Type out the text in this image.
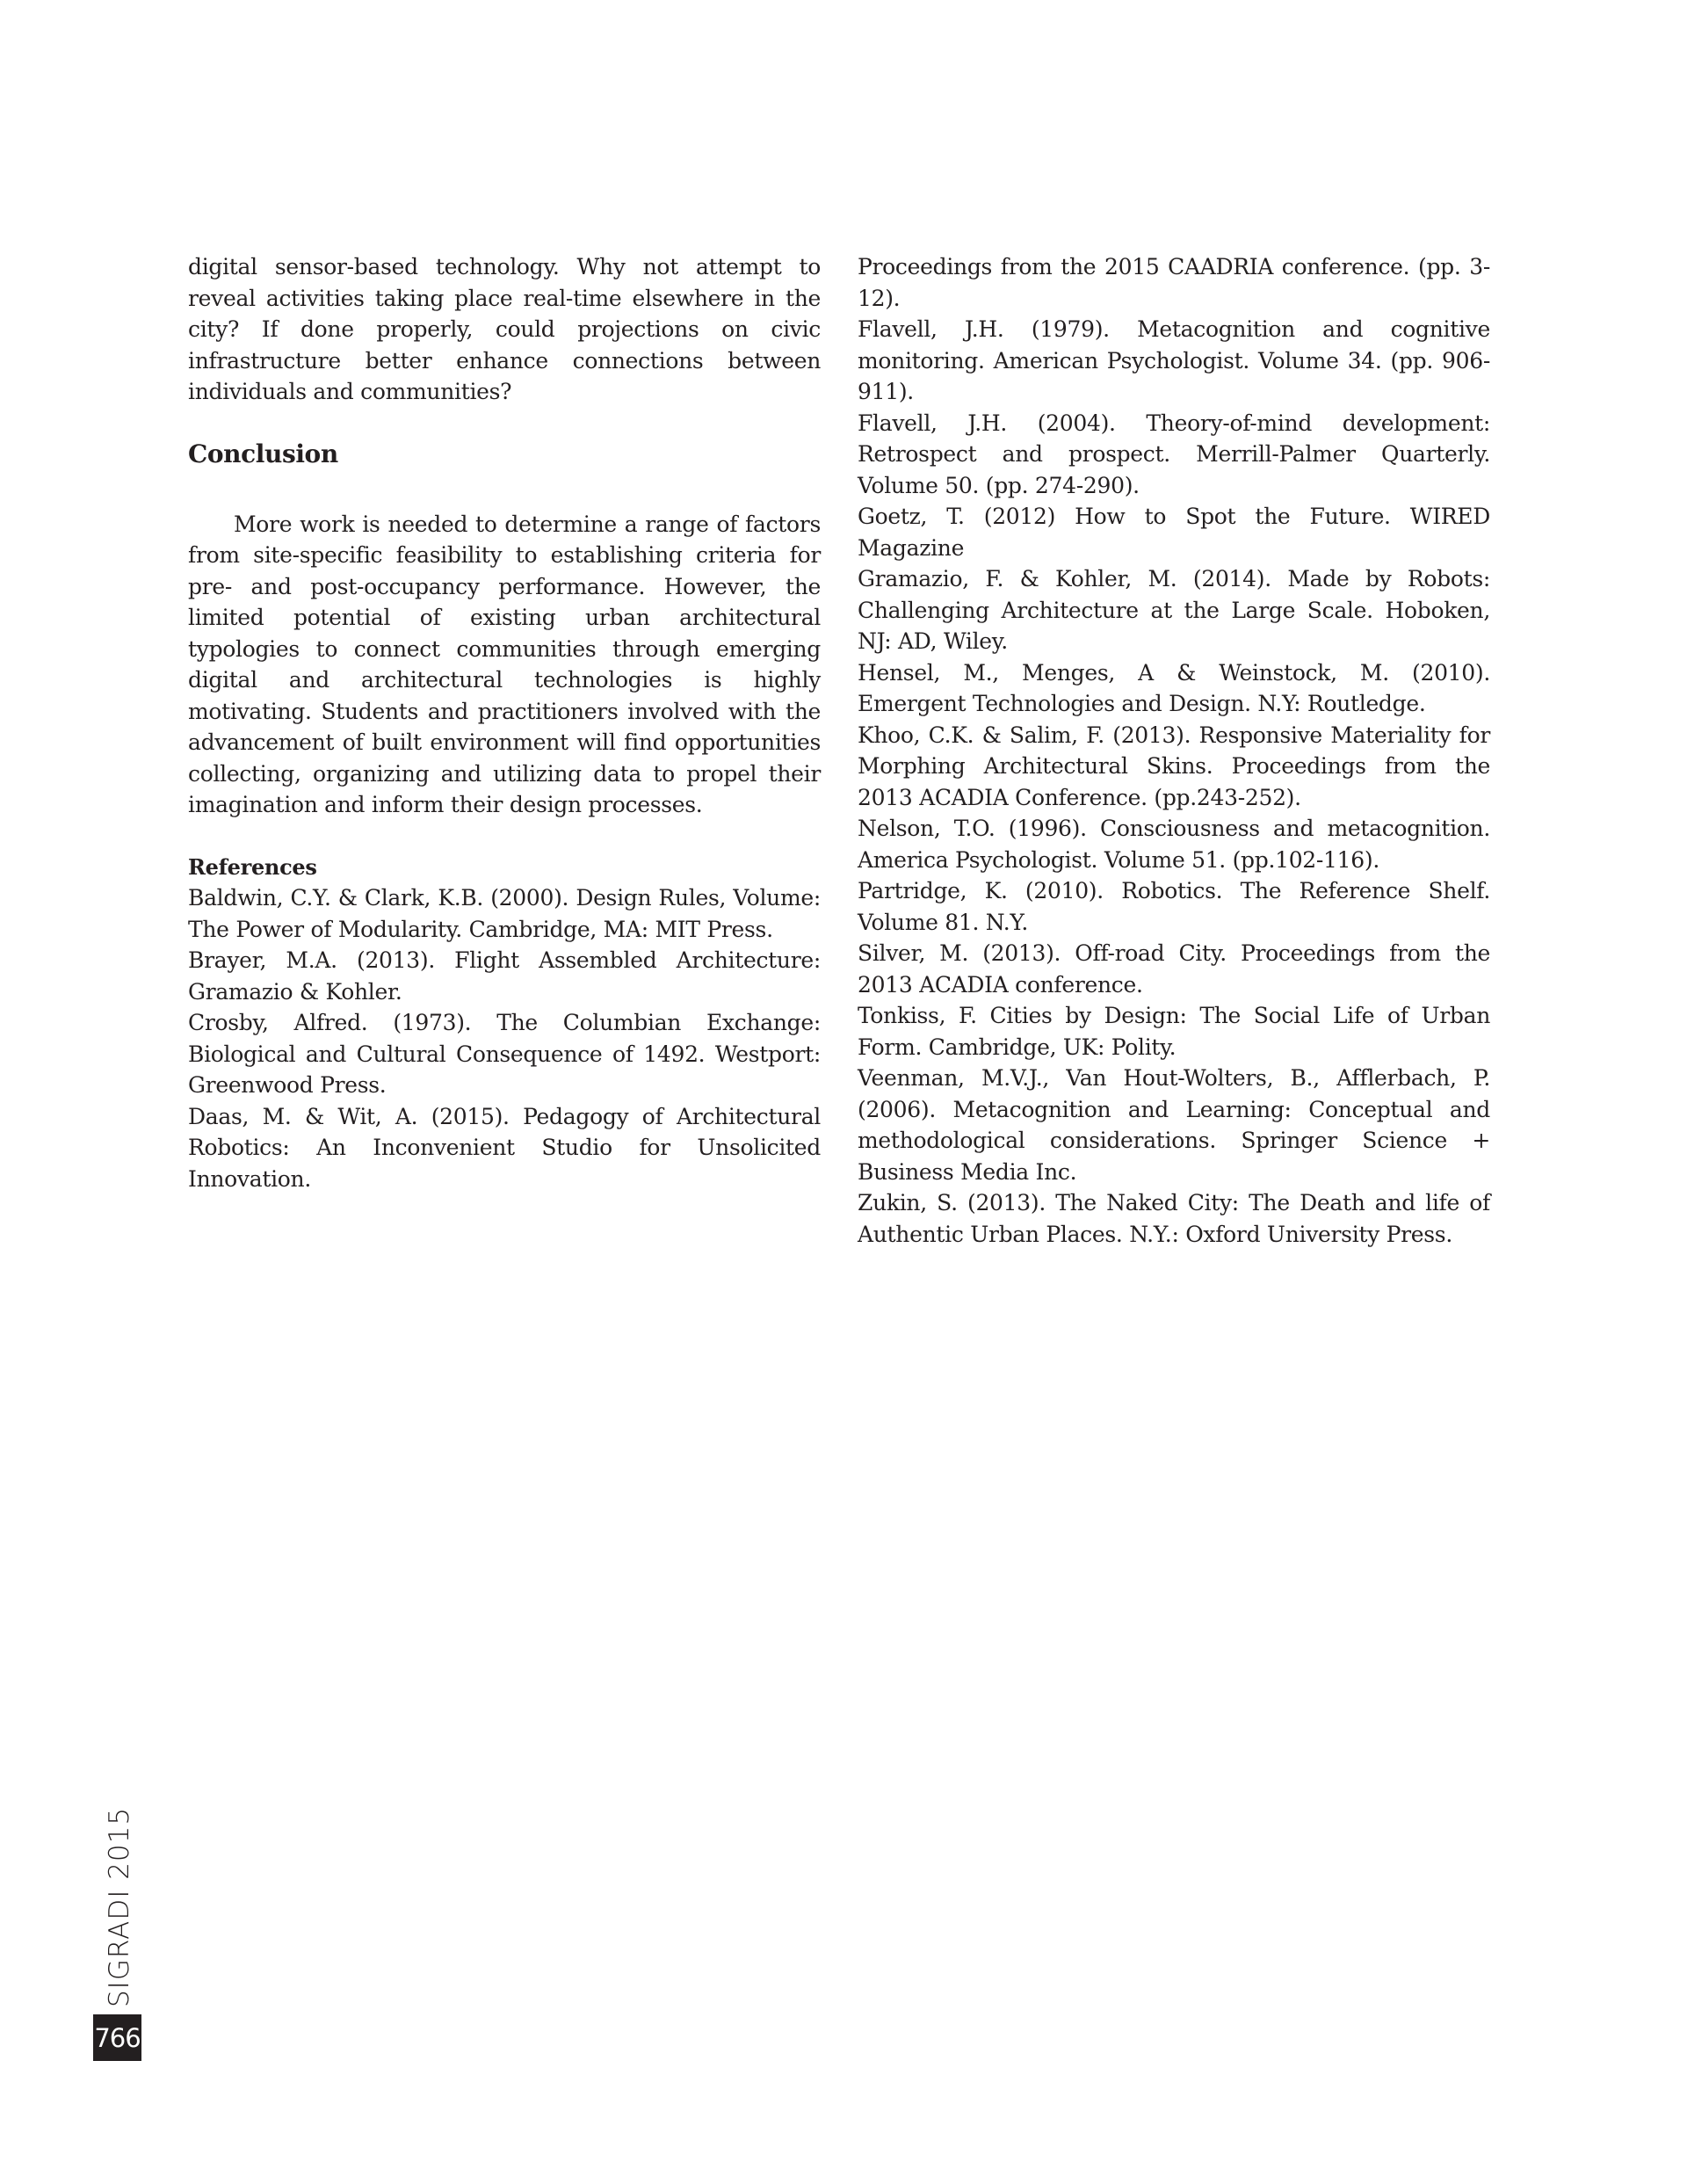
digital sensor-based technology. Why not attempt to reveal activities taking place real-time elsewhere in the city? If done properly, could projections on civic infrastructure better enhance connections between individuals and communities?

Conclusion

More work is needed to determine a range of factors from site-specific feasibility to establishing criteria for pre- and post-occupancy performance. However, the limited potential of existing urban architectural typologies to connect communities through emerging digital and architectural technologies is highly motivating. Students and practitioners involved with the advancement of built environment will find opportunities collecting, organizing and utilizing data to propel their imagination and inform their design processes.

References

Baldwin, C.Y. & Clark, K.B. (2000). Design Rules, Volume: The Power of Modularity. Cambridge, MA: MIT Press.

Brayer, M.A. (2013). Flight Assembled Architecture: Gramazio & Kohler.

Crosby, Alfred. (1973). The Columbian Exchange: Biological and Cultural Consequence of 1492. Westport: Greenwood Press.

Daas, M. & Wit, A. (2015). Pedagogy of Architectural Robotics: An Inconvenient Studio for Unsolicited Innovation.

Proceedings from the 2015 CAADRIA conference. (pp. 3-12).

Flavell, J.H. (1979). Metacognition and cognitive monitoring. American Psychologist. Volume 34. (pp. 906-911).

Flavell, J.H. (2004). Theory-of-mind development: Retrospect and prospect. Merrill-Palmer Quarterly. Volume 50. (pp. 274-290).

Goetz, T. (2012) How to Spot the Future. WIRED Magazine

Gramazio, F. & Kohler, M. (2014). Made by Robots: Challenging Architecture at the Large Scale. Hoboken, NJ: AD, Wiley.

Hensel, M., Menges, A & Weinstock, M. (2010). Emergent Technologies and Design. N.Y: Routledge.

Khoo, C.K. & Salim, F. (2013). Responsive Materiality for Morphing Architectural Skins. Proceedings from the 2013 ACADIA Conference. (pp.243-252).

Nelson, T.O. (1996). Consciousness and metacognition. America Psychologist. Volume 51. (pp.102-116).

Partridge, K. (2010). Robotics. The Reference Shelf. Volume 81. N.Y.

Silver, M. (2013). Off-road City. Proceedings from the 2013 ACADIA conference.

Tonkiss, F. Cities by Design: The Social Life of Urban Form. Cambridge, UK: Polity.

Veenman, M.V.J., Van Hout-Wolters, B., Afflerbach, P. (2006). Metacognition and Learning: Conceptual and methodological considerations. Springer Science + Business Media Inc.

Zukin, S. (2013). The Naked City: The Death and life of Authentic Urban Places. N.Y.: Oxford University Press.

SIGRADI 2015
766
